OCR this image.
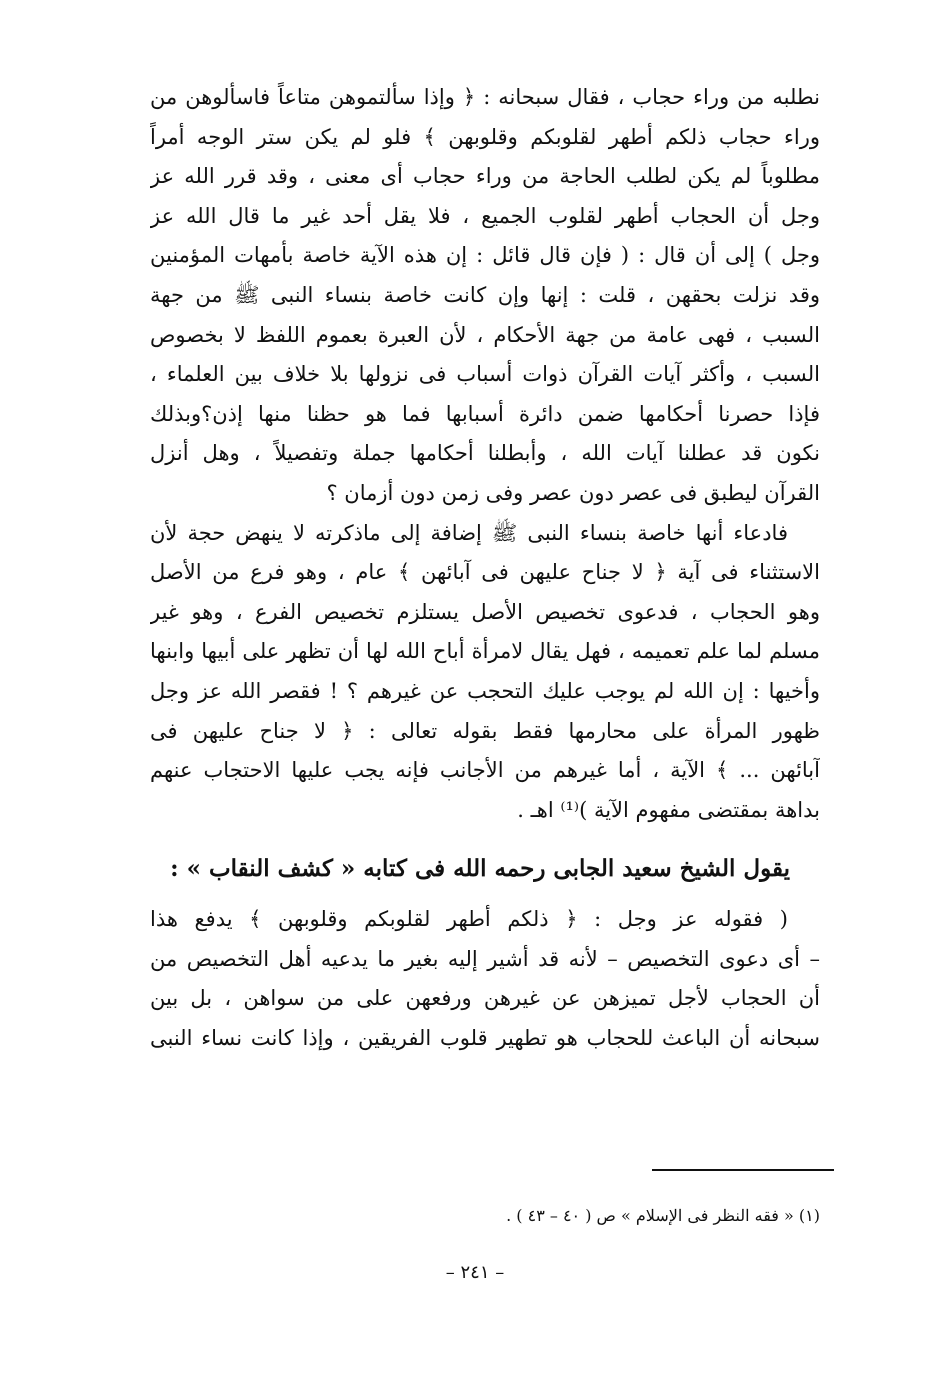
نطلبه من وراء حجاب ، فقال سبحانه : ﴿ وإذا سألتموهن متاعاً فاسألوهن من
وراء حجاب ذلكم أطهر لقلوبكم وقلوبهن ﴾ فلو لم يكن ستر الوجه أمراً
مطلوباً لم يكن لطلب الحاجة من وراء حجاب أى معنى ، وقد قرر الله عز
وجل أن الحجاب أطهر لقلوب الجميع ، فلا يقل أحد غير ما قال الله عز
وجل ) إلى أن قال : ( فإن قال قائل : إن هذه الآية خاصة بأمهات المؤمنين
وقد نزلت بحقهن ، قلت : إنها وإن كانت خاصة بنساء النبى ﷺ من جهة
السبب ، فهى عامة من جهة الأحكام ، لأن العبرة بعموم اللفظ لا بخصوص
السبب ، وأكثر آيات القرآن ذوات أسباب فى نزولها بلا خلاف بين العلماء ،
فإذا حصرنا أحكامها ضمن دائرة أسبابها فما هو حظنا منها إذن؟وبذلك
نكون قد عطلنا آيات الله ، وأبطلنا أحكامها جملة وتفصيلاً ، وهل أنزل
القرآن ليطبق فى عصر دون عصر وفى زمن دون أزمان ؟
فادعاء أنها خاصة بنساء النبى ﷺ إضافة إلى ماذكرته لا ينهض حجة لأن
الاستثناء فى آية ﴿ لا جناح عليهن فى آبائهن ﴾ عام ، وهو فرع من الأصل
وهو الحجاب ، فدعوى تخصيص الأصل يستلزم تخصيص الفرع ، وهو غير
مسلم لما علم تعميمه ، فهل يقال لامرأة أباح الله لها أن تظهر على أبيها وابنها
وأخيها : إن الله لم يوجب عليك التحجب عن غيرهم ؟ ! فقصر الله عز وجل
ظهور المرأة على محارمها فقط بقوله تعالى : ﴿ لا جناح عليهن فى
آبائهن ... ﴾ الآية ، أما غيرهم من الأجانب فإنه يجب عليها الاحتجاب عنهم
بداهة بمقتضى مفهوم الآية )⁽¹⁾ اهـ .
يقول الشيخ سعيد الجابى رحمه الله فى كتابه « كشف النقاب » :
( فقوله عز وجل : ﴿ ذلكم أطهر لقلوبكم وقلوبهن ﴾ يدفع هذا
– أى دعوى التخصيص – لأنه قد أشير إليه بغير ما يدعيه أهل التخصيص من
أن الحجاب لأجل تميزهن عن غيرهن ورفعهن على من سواهن ، بل بين
سبحانه أن الباعث للحجاب هو تطهير قلوب الفريقين ، وإذا كانت نساء النبى
(١) « فقه النظر فى الإسلام » ص ( ٤٠ – ٤٣ ) .
– ٢٤١ –
